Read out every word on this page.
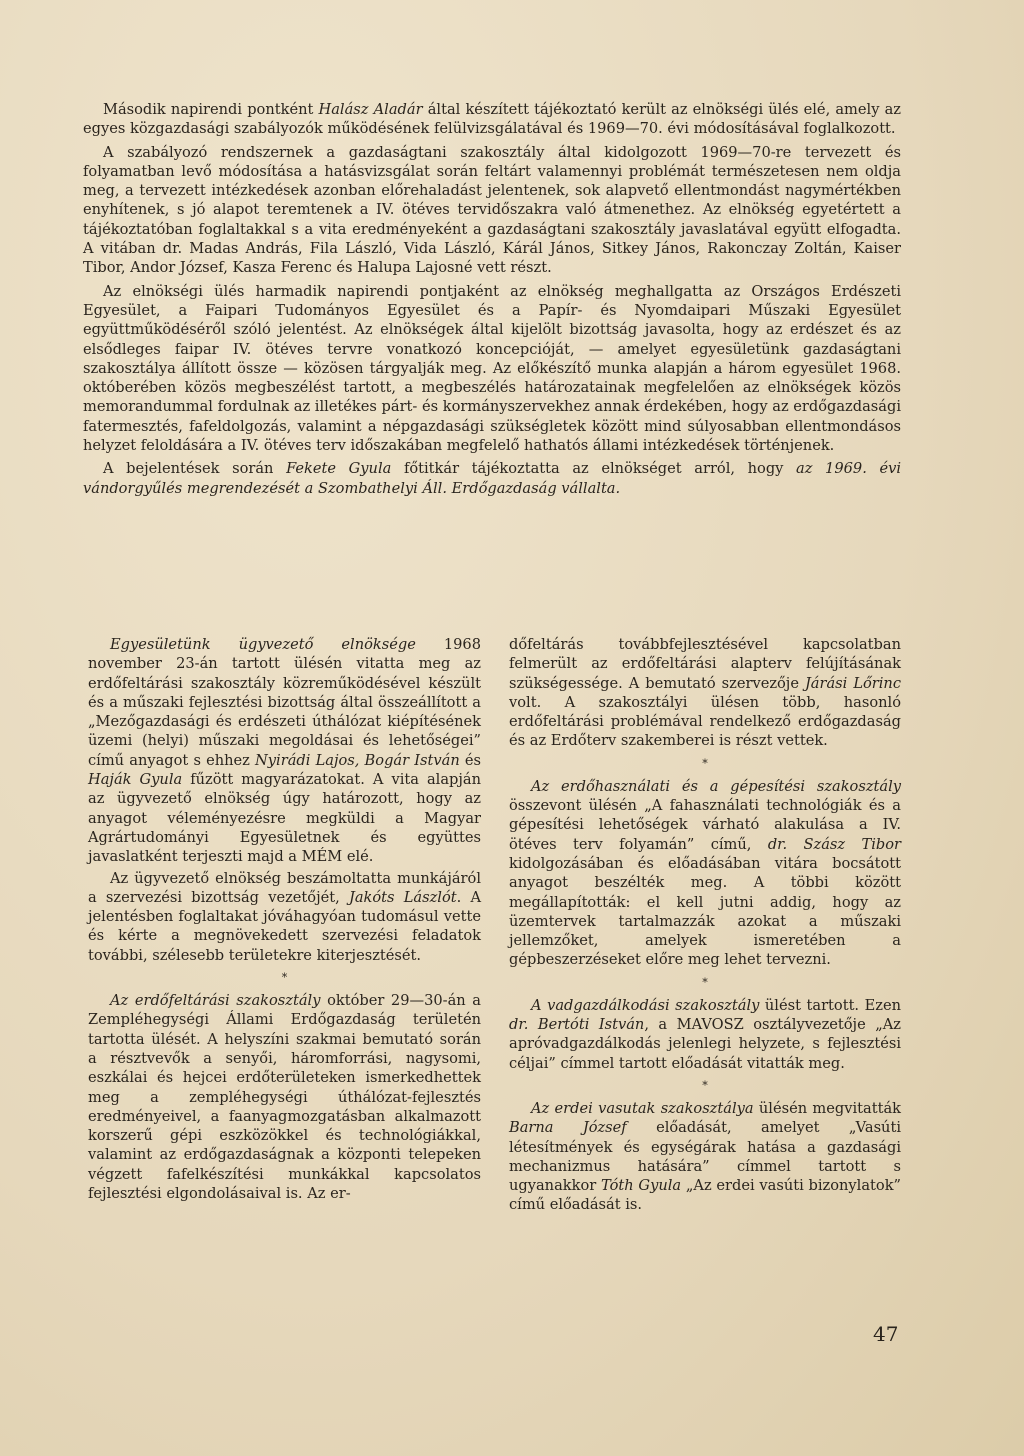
Második napirendi pontként Halász Aladár által készített tájékoztató került az elnökségi ülés elé, amely az egyes közgazdasági szabályozók működésének felülvizsgálatával és 1969—70. évi módosításával foglalkozott.

A szabályozó rendszernek a gazdaságtani szakosztály által kidolgozott 1969—70-re tervezett és folyamatban levő módosítása a hatásvizsgálat során feltárt valamennyi problémát természetesen nem oldja meg, a tervezett intézkedések azonban előrehaladást jelentenek, sok alapvető ellentmondást nagymértékben enyhítenek, s jó alapot teremtenek a IV. ötéves tervidőszakra való átmenethez. Az elnökség egyetértett a tájékoztatóban foglaltakkal s a vita eredményeként a gazdaságtani szakosztály javaslatával együtt elfogadta. A vitában dr. Madas András, Fila László, Vida László, Kárál János, Sitkey János, Rakonczay Zoltán, Kaiser Tibor, Andor József, Kasza Ferenc és Halupa Lajosné vett részt.

Az elnökségi ülés harmadik napirendi pontjaként az elnökség meghallgatta az Országos Erdészeti Egyesület, a Faipari Tudományos Egyesület és a Papír- és Nyomdaipari Műszaki Egyesület együttműködéséről szóló jelentést. Az elnökségek által kijelölt bizottság javasolta, hogy az erdészet és az elsődleges faipar IV. ötéves tervre vonatkozó koncepcióját, — amelyet egyesületünk gazdaságtani szakosztálya állított össze — közösen tárgyalják meg. Az előkészítő munka alapján a három egyesület 1968. októberében közös megbeszélést tartott, a megbeszélés határozatainak megfelelően az elnökségek közös memorandummal fordulnak az illetékes párt- és kormányszervekhez annak érdekében, hogy az erdőgazdasági fatermesztés, fafeldolgozás, valamint a népgazdasági szükségletek között mind súlyosabban ellentmondásos helyzet feloldására a IV. ötéves terv időszakában megfelelő hathatós állami intézkedések történjenek.

A bejelentések során Fekete Gyula főtitkár tájékoztatta az elnökséget arról, hogy az 1969. évi vándorgyűlés megrendezését a Szombathelyi Áll. Erdőgazdaság vállalta.

Egyesületünk ügyvezető elnöksége 1968 november 23-án tartott ülésén vitatta meg az erdőfeltárási szakosztály közreműködésével készült és a műszaki fejlesztési bizottság által összeállított a „Mezőgazdasági és erdészeti úthálózat kiépítésének üzemi (helyi) műszaki megoldásai és lehetőségei” című anyagot s ehhez Nyirádi Lajos, Bogár István és Haják Gyula fűzött magyarázatokat. A vita alapján az ügyvezető elnökség úgy határozott, hogy az anyagot véleményezésre megküldi a Magyar Agrártudományi Egyesületnek és együttes javaslatként terjeszti majd a MÉM elé.

Az ügyvezető elnökség beszámoltatta munkájáról a szervezési bizottság vezetőjét, Jakóts Lászlót. A jelentésben foglaltakat jóváhagyóan tudomásul vette és kérte a megnövekedett szervezési feladatok további, szélesebb területekre kiterjesztését.

*

Az erdőfeltárási szakosztály október 29—30-án a Zempléhegységi Állami Erdőgazdaság területén tartotta ülését. A helyszíni szakmai bemutató során a résztvevők a senyői, háromforrási, nagysomi, eszkálai és hejcei erdőterületeken ismerkedhettek meg a zempléhegységi úthálózat-fejlesztés eredményeivel, a faanyagmozgatásban alkalmazott korszerű gépi eszközökkel és technológiákkal, valamint az erdőgazdaságnak a központi telepeken végzett fafelkészítési munkákkal kapcsolatos fejlesztési elgondolásaival is. Az er-

dőfeltárás továbbfejlesztésével kapcsolatban felmerült az erdőfeltárási alapterv felújításának szükségessége. A bemutató szervezője Járási Lőrinc volt. A szakosztályi ülésen több, hasonló erdőfeltárási problémával rendelkező erdőgazdaság és az Erdőterv szakemberei is részt vettek.

*

Az erdőhasználati és a gépesítési szakosztály összevont ülésén „A fahasználati technológiák és a gépesítési lehetőségek várható alakulása a IV. ötéves terv folyamán” című, dr. Szász Tibor kidolgozásában és előadásában vitára bocsátott anyagot beszélték meg. A többi között megállapították: el kell jutni addig, hogy az üzemtervek tartalmazzák azokat a műszaki jellemzőket, amelyek ismeretében a gépbeszerzéseket előre meg lehet tervezni.

*

A vadgazdálkodási szakosztály ülést tartott. Ezen dr. Bertóti István, a MAVOSZ osztályvezetője „Az apróvadgazdálkodás jelenlegi helyzete, s fejlesztési céljai” címmel tartott előadását vitatták meg.

*

Az erdei vasutak szakosztálya ülésén megvitatták Barna József előadását, amelyet „Vasúti létesítmények és egységárak hatása a gazdasági mechanizmus hatására” címmel tartott s ugyanakkor Tóth Gyula „Az erdei vasúti bizonylatok” című előadását is.

47
